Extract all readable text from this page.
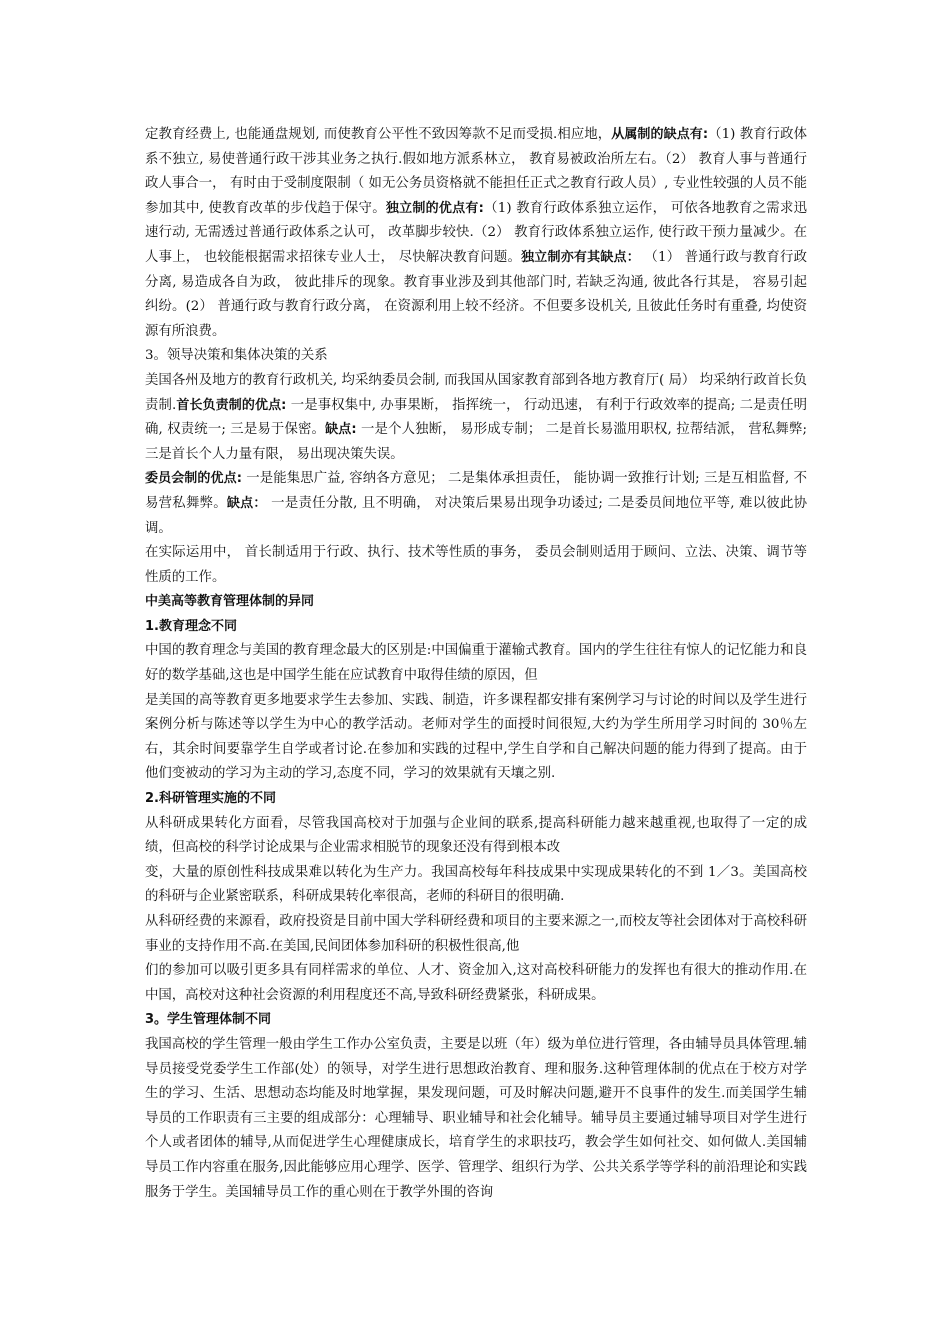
定教育经费上, 也能通盘规划, 而使教育公平性不致因筹款不足而受损.相应地，从属制的缺点有:（1) 教育行政体系不独立, 易使普通行政干涉其业务之执行.假如地方派系林立， 教育易被政治所左右。（2） 教育人事与普通行政人事合一， 有时由于受制度限制（ 如无公务员资格就不能担任正式之教育行政人员）, 专业性较强的人员不能参加其中, 使教育改革的步伐趋于保守。独立制的优点有:（1) 教育行政体系独立运作， 可依各地教育之需求迅速行动, 无需透过普通行政体系之认可， 改革脚步较快.（2） 教育行政体系独立运作, 使行政干预力量减少。在人事上， 也较能根据需求招徕专业人士， 尽快解决教育问题。独立制亦有其缺点： （1） 普通行政与教育行政分离, 易造成各自为政， 彼此排斥的现象。教育事业涉及到其他部门时, 若缺乏沟通, 彼此各行其是， 容易引起纠纷。(2） 普通行政与教育行政分离， 在资源利用上较不经济。不但要多设机关, 且彼此任务时有重叠, 均使资源有所浪费。

3。领导决策和集体决策的关系

美国各州及地方的教育行政机关, 均采纳委员会制, 而我国从国家教育部到各地方教育厅( 局） 均采纳行政首长负责制.首长负责制的优点: 一是事权集中, 办事果断， 指挥统一， 行动迅速， 有利于行政效率的提高; 二是责任明确, 权责统一; 三是易于保密。缺点: 一是个人独断， 易形成专制； 二是首长易滥用职权, 拉帮结派， 营私舞弊; 三是首长个人力量有限， 易出现决策失误。

委员会制的优点: 一是能集思广益, 容纳各方意见； 二是集体承担责任， 能协调一致推行计划; 三是互相监督, 不易营私舞弊。缺点： 一是责任分散, 且不明确， 对决策后果易出现争功诿过; 二是委员间地位平等, 难以彼此协调。

在实际运用中， 首长制适用于行政、执行、技术等性质的事务， 委员会制则适用于顾问、立法、决策、调节等性质的工作。

中美高等教育管理体制的异同

1.教育理念不同

中国的教育理念与美国的教育理念最大的区别是:中国偏重于灌输式教育。国内的学生往往有惊人的记忆能力和良好的数学基础,这也是中国学生能在应试教育中取得佳绩的原因，但

是美国的高等教育更多地要求学生去参加、实践、制造，许多课程都安排有案例学习与讨论的时间以及学生进行案例分析与陈述等以学生为中心的教学活动。老师对学生的面授时间很短,大约为学生所用学习时间的 30％左右，其余时间要靠学生自学或者讨论.在参加和实践的过程中,学生自学和自己解决问题的能力得到了提高。由于他们变被动的学习为主动的学习,态度不同，学习的效果就有天壤之别.

2.科研管理实施的不同

从科研成果转化方面看，尽管我国高校对于加强与企业间的联系,提高科研能力越来越重视,也取得了一定的成绩，但高校的科学讨论成果与企业需求相脱节的现象还没有得到根本改

变，大量的原创性科技成果难以转化为生产力。我国高校每年科技成果中实现成果转化的不到 1／3。美国高校的科研与企业紧密联系，科研成果转化率很高，老师的科研目的很明确.

从科研经费的来源看，政府投资是目前中国大学科研经费和项目的主要来源之一,而校友等社会团体对于高校科研事业的支持作用不高.在美国,民间团体参加科研的积极性很高,他

们的参加可以吸引更多具有同样需求的单位、人才、资金加入,这对高校科研能力的发挥也有很大的推动作用.在中国，高校对这种社会资源的利用程度还不高,导致科研经费紧张，科研成果。

3。学生管理体制不同

我国高校的学生管理一般由学生工作办公室负责，主要是以班（年）级为单位进行管理，各由辅导员具体管理.辅导员接受党委学生工作部(处）的领导，对学生进行思想政治教育、理和服务.这种管理体制的优点在于校方对学生的学习、生活、思想动态均能及时地掌握，果发现问题，可及时解决问题,避开不良事件的发生.而美国学生辅导员的工作职责有三主要的组成部分：心理辅导、职业辅导和社会化辅导。辅导员主要通过辅导项目对学生进行个人或者团体的辅导,从而促进学生心理健康成长，培育学生的求职技巧，教会学生如何社交、如何做人.美国辅导员工作内容重在服务,因此能够应用心理学、医学、管理学、组织行为学、公共关系学等学科的前沿理论和实践服务于学生。美国辅导员工作的重心则在于教学外围的咨询
